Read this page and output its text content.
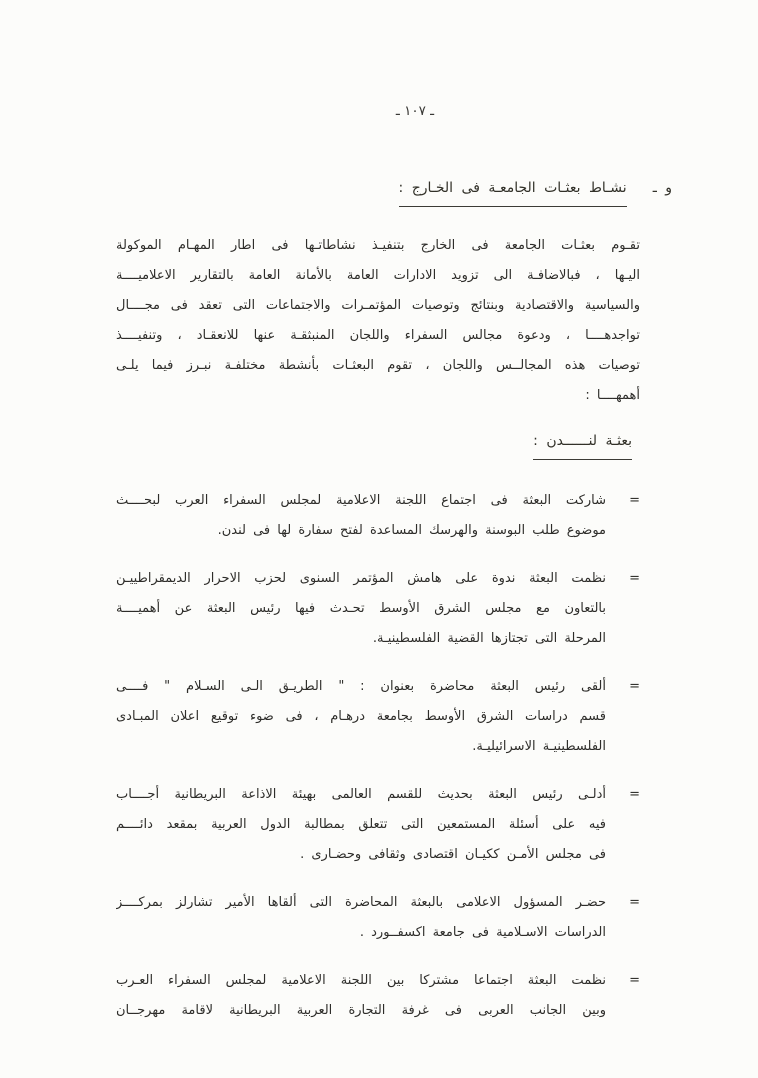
ـ ١٠٧ ـ
و ـنشـاط بعثـات الجامعـة فى الخـارج :
تقـوم بعثـات الجامعة فى الخارج بتنفيـذ نشاطاتـها فى اطار المهـام الموكولة
اليـها ، فبالاضافـة الى تزويد الادارات العامة بالأمانة العامة بالتقارير الاعلاميــــة
والسياسية والاقتصادية وبنتائج وتوصيات المؤتمـرات والاجتماعات التى تعقد فى مجــــال
تواجدهــــا ، ودعوة مجالس السفراء واللجان المنبثقـة عنها للانعقـاد ، وتنفيــــذ
توصيات هذه المجالــس واللجان ، تقوم البعثـات بأنشطة مختلفـة نبـرز فيما يلـى
أهمهــــا :
بعثـة لنــــــدن :
=
شاركت البعثة فى اجتماع اللجنة الاعلامية لمجلس السفراء العرب لبحــــث
موضوع طلب البوسنة والهرسك المساعدة لفتح سفارة لها فى لندن.
=
نظمت البعثة ندوة على هامش المؤتمر السنوى لحزب الاحرار الديمقراطييـن
بالتعاون مع مجلس الشرق الأوسط تحـدث فيها رئيس البعثة عن أهميــــة
المرحلة التى تجتازها القضية الفلسطينيـة.
=
ألقى رئيس البعثة محاضرة بعنوان : " الطريـق الـى السـلام " فــــى
قسم دراسات الشرق الأوسط بجامعة درهـام ، فى ضوء توقيع اعلان المبـادى
الفلسطينيـة الاسرائيليـة.
=
أدلـى رئيس البعثة بحديث للقسم العالمى بهيئة الاذاعة البريطانية أجــــاب
فيه على أسئلة المستمعين التى تتعلق بمطالبة الدول العربية بمقعد دائــــم
فى مجلس الأمـن ككيـان اقتصادى وثقافى وحضـارى .
=
حضـر المسؤول الاعلامى بالبعثة المحاضرة التى ألقاها الأمير تشارلز بمركــــز
الدراسات الاسـلامية فى جامعة اكسفــورد .
=
نظمت البعثة اجتماعا مشتركا بين اللجنة الاعلامية لمجلس السفراء العـرب
وبين الجانب العربى فى غرفة التجارة العربية البريطانية لاقامة مهرجــان
